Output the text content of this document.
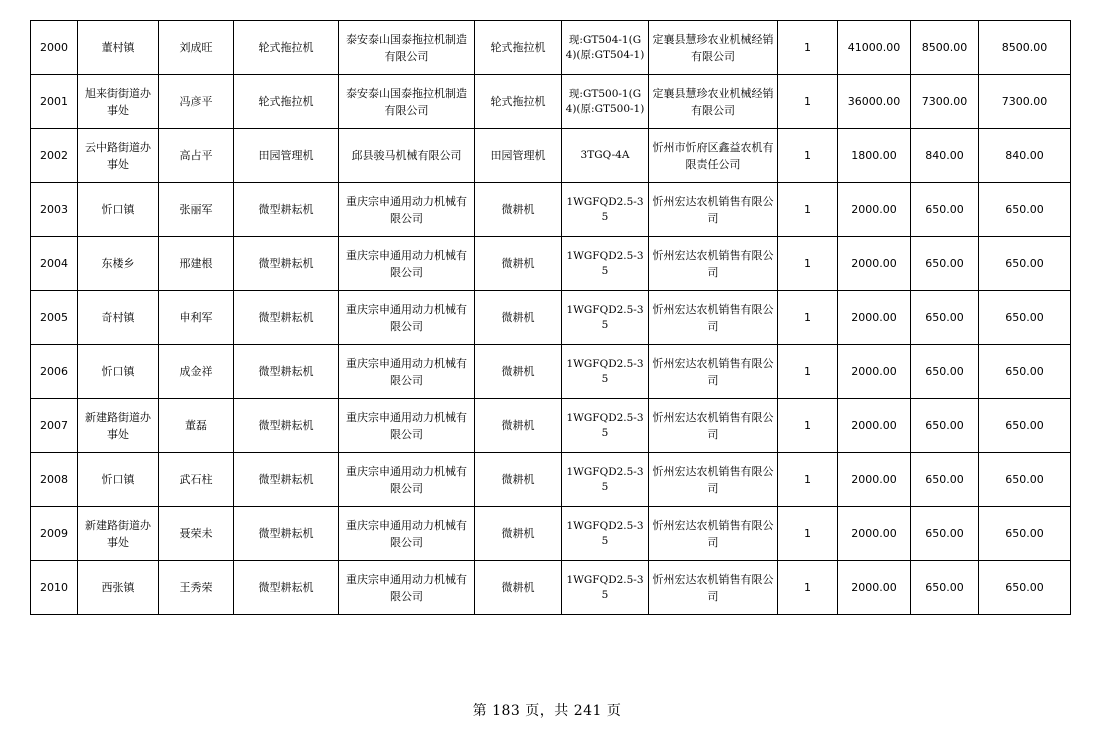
2000	董村镇	刘成旺	轮式拖拉机	泰安泰山国泰拖拉机制造有限公司	轮式拖拉机	现:GT504-1(G4)(原:GT504-1)	定襄县慧珍农业机械经销有限公司	1	41000.00	8500.00	8500.00
2001	旭来街街道办事处	冯彦平	轮式拖拉机	泰安泰山国泰拖拉机制造有限公司	轮式拖拉机	现:GT500-1(G4)(原:GT500-1)	定襄县慧珍农业机械经销有限公司	1	36000.00	7300.00	7300.00
2002	云中路街道办事处	高占平	田园管理机	邱县骏马机械有限公司	田园管理机	3TGQ-4A	忻州市忻府区鑫益农机有限责任公司	1	1800.00	840.00	840.00
2003	忻口镇	张丽军	微型耕耘机	重庆宗申通用动力机械有限公司	微耕机	1WGFQD2.5-35	忻州宏达农机销售有限公司	1	2000.00	650.00	650.00
2004	东楼乡	邢建根	微型耕耘机	重庆宗申通用动力机械有限公司	微耕机	1WGFQD2.5-35	忻州宏达农机销售有限公司	1	2000.00	650.00	650.00
2005	奇村镇	申利军	微型耕耘机	重庆宗申通用动力机械有限公司	微耕机	1WGFQD2.5-35	忻州宏达农机销售有限公司	1	2000.00	650.00	650.00
2006	忻口镇	成金祥	微型耕耘机	重庆宗申通用动力机械有限公司	微耕机	1WGFQD2.5-35	忻州宏达农机销售有限公司	1	2000.00	650.00	650.00
2007	新建路街道办事处	董磊	微型耕耘机	重庆宗申通用动力机械有限公司	微耕机	1WGFQD2.5-35	忻州宏达农机销售有限公司	1	2000.00	650.00	650.00
2008	忻口镇	武石柱	微型耕耘机	重庆宗申通用动力机械有限公司	微耕机	1WGFQD2.5-35	忻州宏达农机销售有限公司	1	2000.00	650.00	650.00
2009	新建路街道办事处	聂荣未	微型耕耘机	重庆宗申通用动力机械有限公司	微耕机	1WGFQD2.5-35	忻州宏达农机销售有限公司	1	2000.00	650.00	650.00
2010	西张镇	王秀荣	微型耕耘机	重庆宗申通用动力机械有限公司	微耕机	1WGFQD2.5-35	忻州宏达农机销售有限公司	1	2000.00	650.00	650.00
第 183 页，共 241 页
